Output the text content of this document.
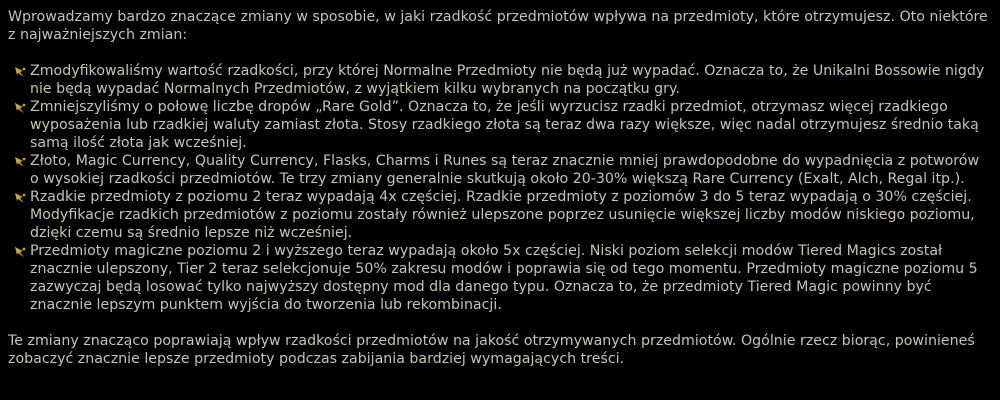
Wprowadzamy bardzo znaczące zmiany w sposobie, w jaki rzadkość przedmiotów wpływa na przedmioty, które otrzymujesz. Oto niektóre z najważniejszych zmian:

Zmodyfikowaliśmy wartość rzadkości, przy której Normalne Przedmioty nie będą już wypadać. Oznacza to, że Unikalni Bossowie nigdy nie będą wypadać Normalnych Przedmiotów, z wyjątkiem kilku wybranych na początku gry.
Zmniejszyliśmy o połowę liczbę dropów „Rare Gold”. Oznacza to, że jeśli wyrzucisz rzadki przedmiot, otrzymasz więcej rzadkiego wyposażenia lub rzadkiej waluty zamiast złota. Stosy rzadkiego złota są teraz dwa razy większe, więc nadal otrzymujesz średnio taką samą ilość złota jak wcześniej.
Złoto, Magic Currency, Quality Currency, Flasks, Charms i Runes są teraz znacznie mniej prawdopodobne do wypadnięcia z potworów o wysokiej rzadkości przedmiotów. Te trzy zmiany generalnie skutkują około 20-30% większą Rare Currency (Exalt, Alch, Regal itp.).
Rzadkie przedmioty z poziomu 2 teraz wypadają 4x częściej. Rzadkie przedmioty z poziomów 3 do 5 teraz wypadają o 30% częściej. Modyfikacje rzadkich przedmiotów z poziomu zostały również ulepszone poprzez usunięcie większej liczby modów niskiego poziomu, dzięki czemu są średnio lepsze niż wcześniej.
Przedmioty magiczne poziomu 2 i wyższego teraz wypadają około 5x częściej. Niski poziom selekcji modów Tiered Magics został znacznie ulepszony, Tier 2 teraz selekcjonuje 50% zakresu modów i poprawia się od tego momentu. Przedmioty magiczne poziomu 5 zazwyczaj będą losować tylko najwyższy dostępny mod dla danego typu. Oznacza to, że przedmioty Tiered Magic powinny być znacznie lepszym punktem wyjścia do tworzenia lub rekombinacji.

Te zmiany znacząco poprawiają wpływ rzadkości przedmiotów na jakość otrzymywanych przedmiotów. Ogólnie rzecz biorąc, powinieneś zobaczyć znacznie lepsze przedmioty podczas zabijania bardziej wymagających treści.
